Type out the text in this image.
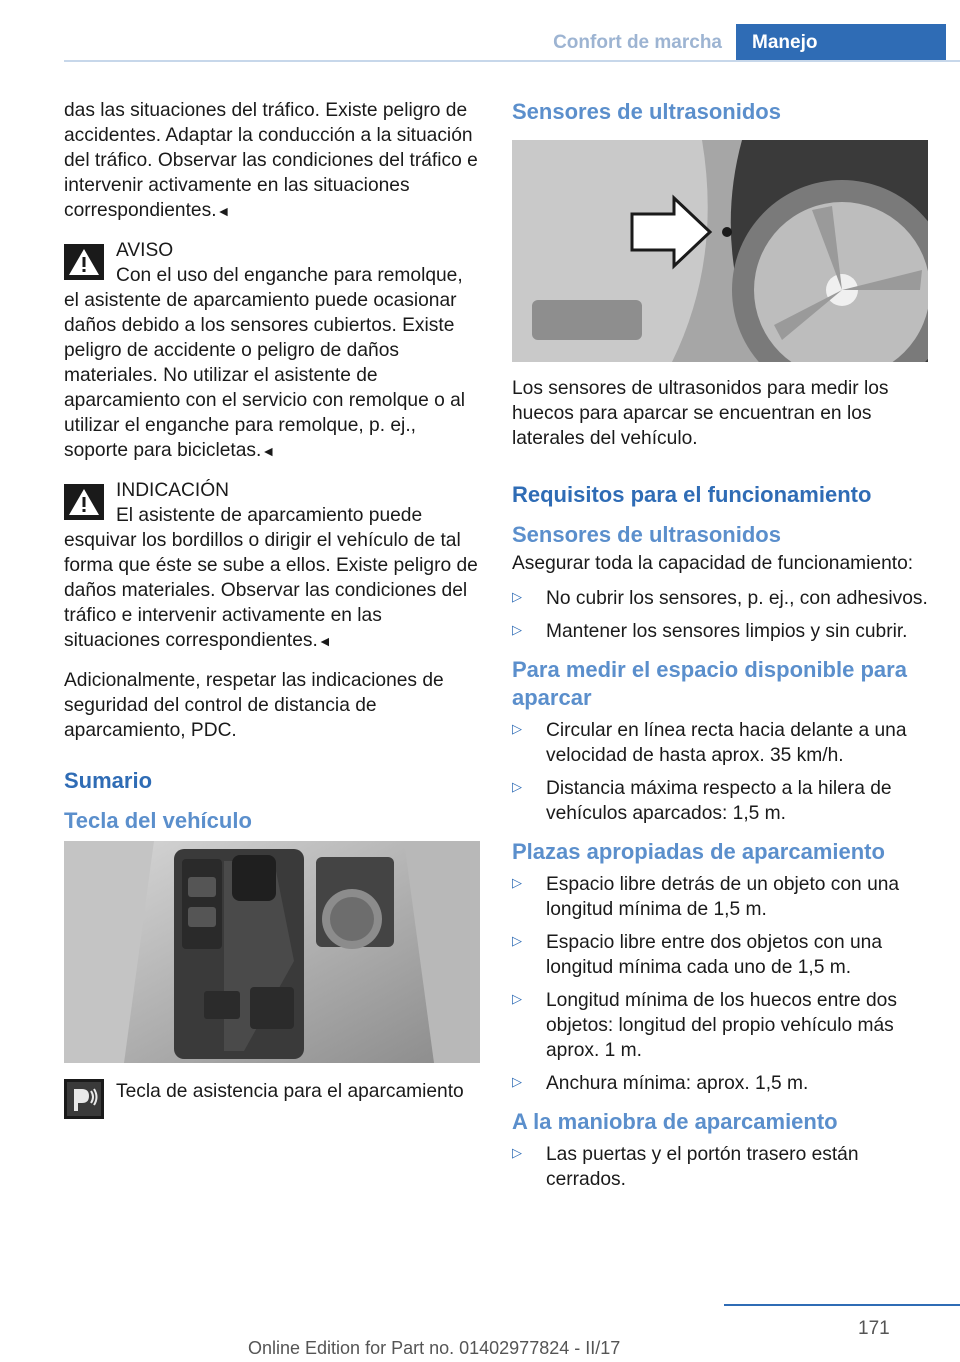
Confort de marcha	Manejo

das las situaciones del tráfico. Existe peligro de accidentes. Adaptar la conducción a la situación del tráfico. Observar las condiciones del tráfico e intervenir activamente en las situaciones correspondientes.◄

AVISO
Con el uso del enganche para remolque, el asistente de aparcamiento puede ocasionar daños debido a los sensores cubiertos. Existe peligro de accidente o peligro de daños materiales. No utilizar el asistente de aparcamiento con el servicio con remolque o al utilizar el enganche para remolque, p. ej., soporte para bicicletas.◄
INDICACIÓN
El asistente de aparcamiento puede esquivar los bordillos o dirigir el vehículo de tal forma que éste se sube a ellos. Existe peligro de daños materiales. Observar las condiciones del tráfico e intervenir activamente en las situaciones correspondientes.◄

Adicionalmente, respetar las indicaciones de seguridad del control de distancia de aparcamiento, PDC.

Sumario
Tecla del vehículo
Tecla de asistencia para el aparcamiento
Sensores de ultrasonidos

Los sensores de ultrasonidos para medir los huecos para aparcar se encuentran en los laterales del vehículo.

Requisitos para el funcionamiento
Sensores de ultrasonidos

Asegurar toda la capacidad de funcionamiento:

▷ No cubrir los sensores, p. ej., con adhesivos.
▷ Mantener los sensores limpios y sin cubrir.
Para medir el espacio disponible para aparcar
▷ Circular en línea recta hacia delante a una velocidad de hasta aprox. 35 km/h.
▷ Distancia máxima respecto a la hilera de vehículos aparcados: 1,5 m.
Plazas apropiadas de aparcamiento
▷ Espacio libre detrás de un objeto con una longitud mínima de 1,5 m.
▷ Espacio libre entre dos objetos con una longitud mínima cada uno de 1,5 m.
▷ Longitud mínima de los huecos entre dos objetos: longitud del propio vehículo más aprox. 1 m.
▷ Anchura mínima: aprox. 1,5 m.
A la maniobra de aparcamiento
▷ Las puertas y el portón trasero están cerrados.
171
Online Edition for Part no. 01402977824 - II/17
